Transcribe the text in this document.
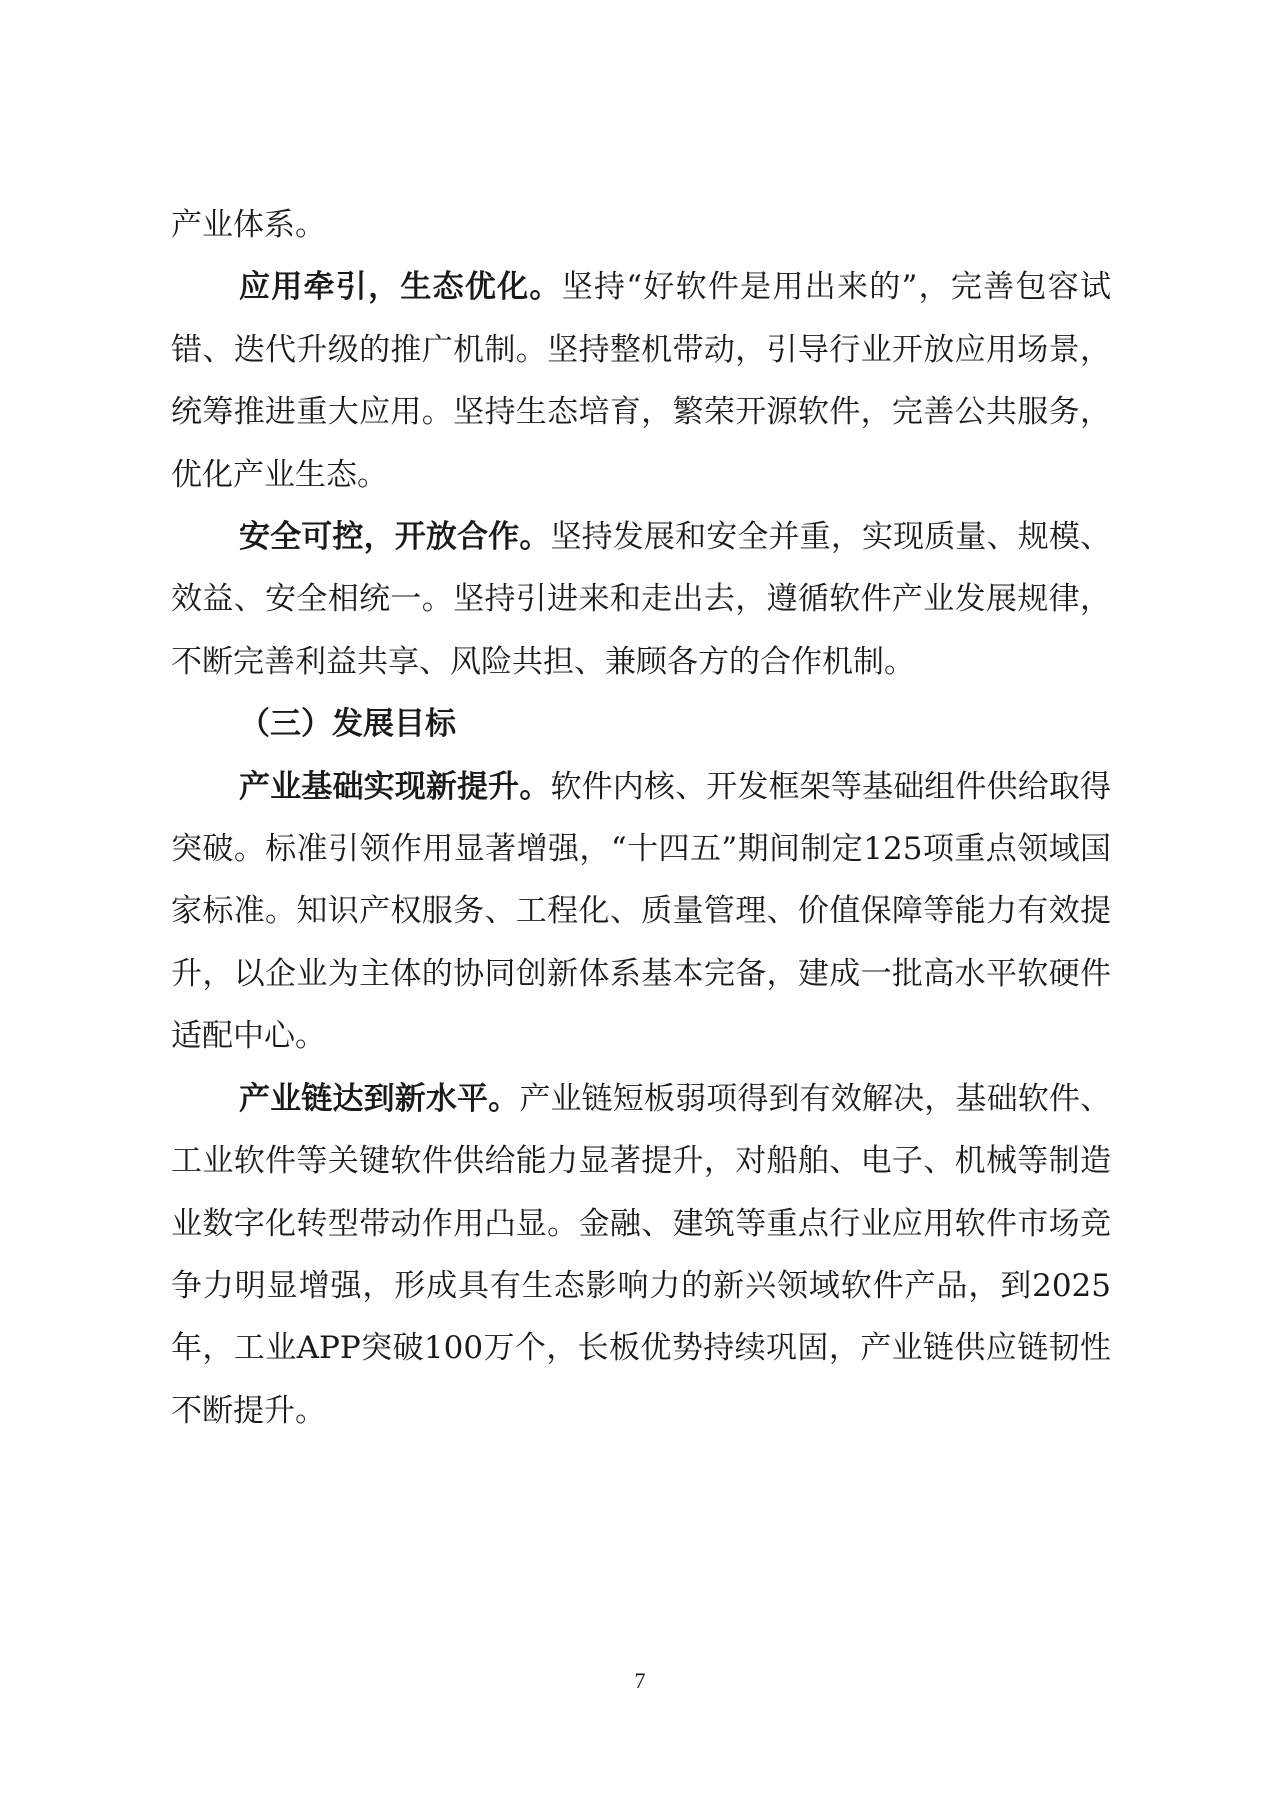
产业体系。

应用牵引，生态优化。坚持“好软件是用出来的”，完善包容试错、迭代升级的推广机制。坚持整机带动，引导行业开放应用场景，统筹推进重大应用。坚持生态培育，繁荣开源软件，完善公共服务，优化产业生态。

安全可控，开放合作。坚持发展和安全并重，实现质量、规模、效益、安全相统一。坚持引进来和走出去，遵循软件产业发展规律，不断完善利益共享、风险共担、兼顾各方的合作机制。

（三）发展目标

产业基础实现新提升。软件内核、开发框架等基础组件供给取得突破。标准引领作用显著增强，“十四五”期间制定125项重点领域国家标准。知识产权服务、工程化、质量管理、价值保障等能力有效提升，以企业为主体的协同创新体系基本完备，建成一批高水平软硬件适配中心。

产业链达到新水平。产业链短板弱项得到有效解决，基础软件、工业软件等关键软件供给能力显著提升，对船舶、电子、机械等制造业数字化转型带动作用凸显。金融、建筑等重点行业应用软件市场竞争力明显增强，形成具有生态影响力的新兴领域软件产品，到2025年，工业APP突破100万个，长板优势持续巩固，产业链供应链韧性不断提升。

7
